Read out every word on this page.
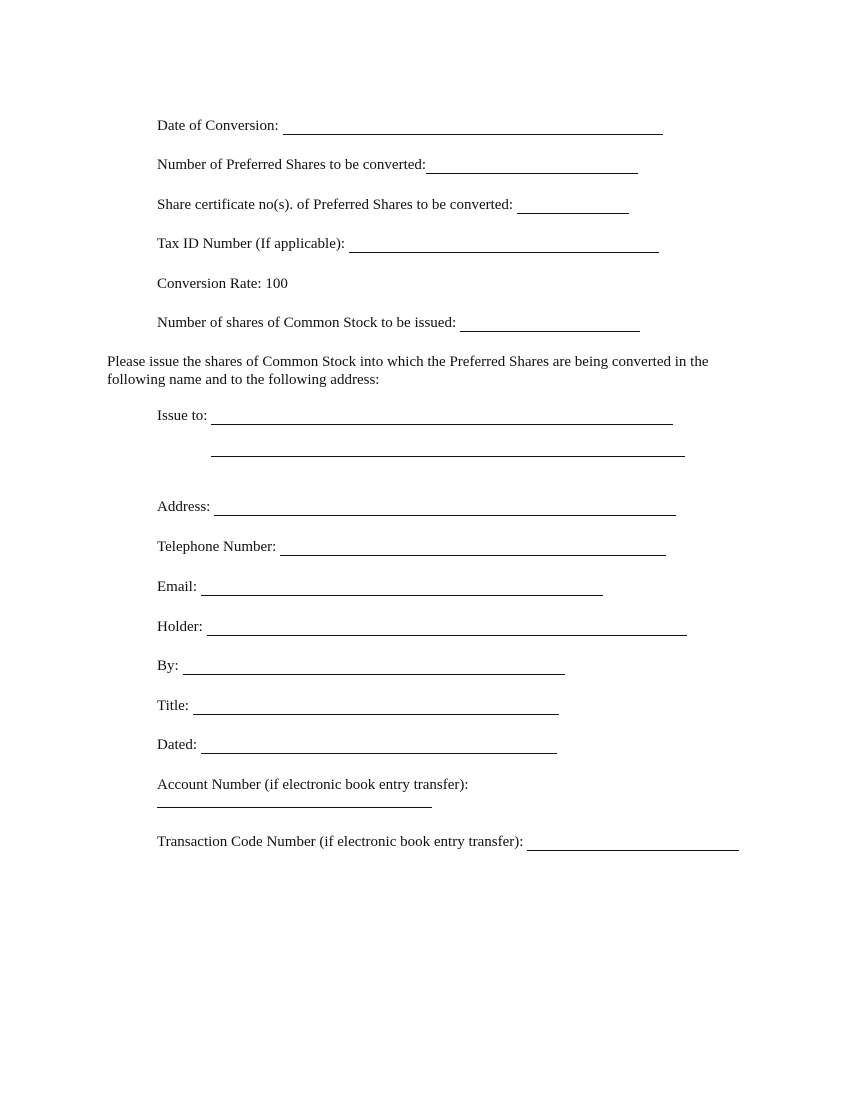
Date of Conversion:
Number of Preferred Shares to be converted:
Share certificate no(s). of Preferred Shares to be converted:
Tax ID Number (If applicable):
Conversion Rate: 100
Number of shares of Common Stock to be issued:

Please issue the shares of Common Stock into which the Preferred Shares are being converted in the following name and to the following address:

Issue to:
Address:
Telephone Number:
Email:
Holder:
By:
Title:
Dated:
Account Number (if electronic book entry transfer):
Transaction Code Number (if electronic book entry transfer):
